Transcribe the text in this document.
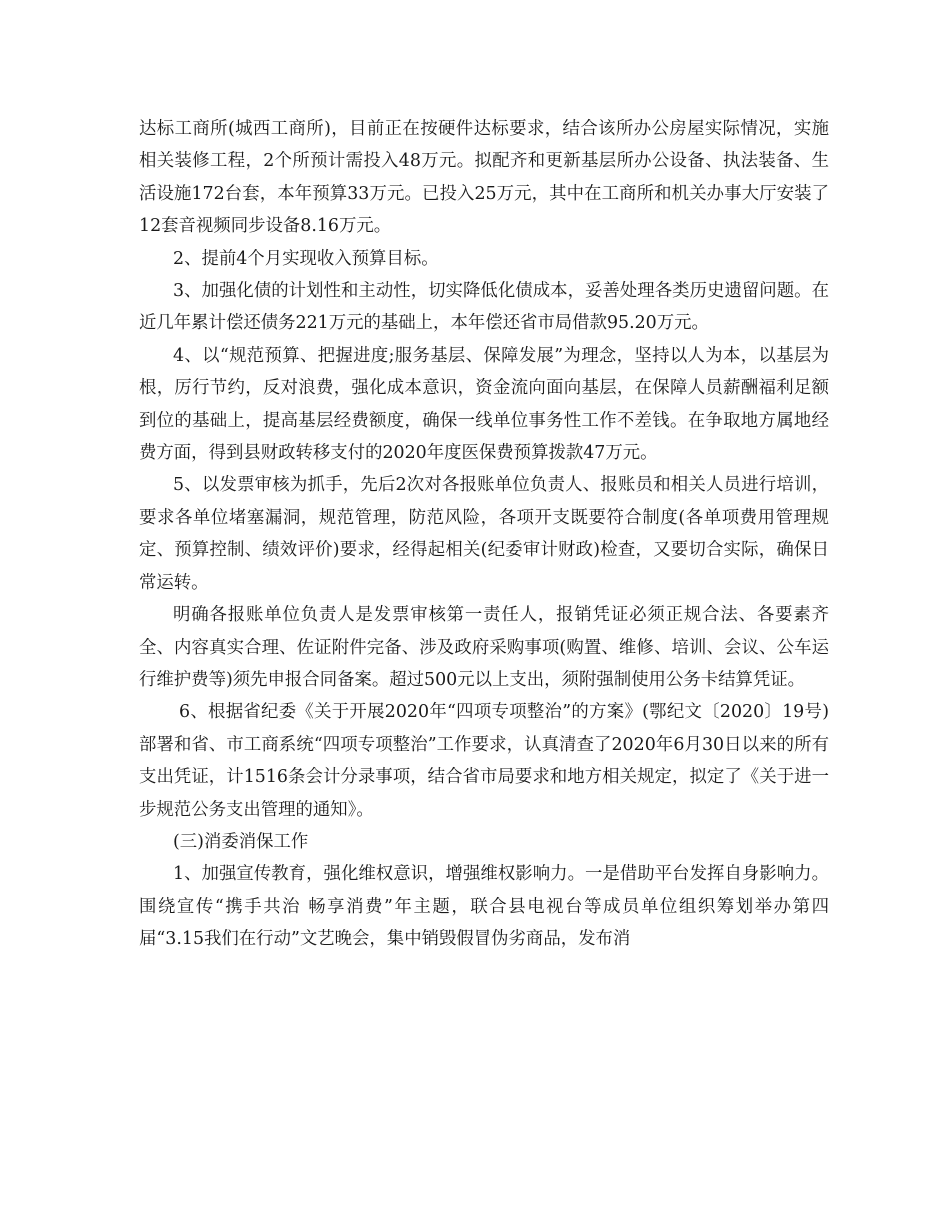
达标工商所(城西工商所)，目前正在按硬件达标要求，结合该所办公房屋实际情况，实施相关装修工程，2个所预计需投入48万元。拟配齐和更新基层所办公设备、执法装备、生活设施172台套，本年预算33万元。已投入25万元，其中在工商所和机关办事大厅安装了12套音视频同步设备8.16万元。

2、提前4个月实现收入预算目标。

3、加强化债的计划性和主动性，切实降低化债成本，妥善处理各类历史遗留问题。在近几年累计偿还债务221万元的基础上，本年偿还省市局借款95.20万元。

4、以“规范预算、把握进度;服务基层、保障发展”为理念，坚持以人为本，以基层为根，厉行节约，反对浪费，强化成本意识，资金流向面向基层，在保障人员薪酬福利足额到位的基础上，提高基层经费额度，确保一线单位事务性工作不差钱。在争取地方属地经费方面，得到县财政转移支付的2020年度医保费预算拨款47万元。

5、以发票审核为抓手，先后2次对各报账单位负责人、报账员和相关人员进行培训，要求各单位堵塞漏洞，规范管理，防范风险，各项开支既要符合制度(各单项费用管理规定、预算控制、绩效评价)要求，经得起相关(纪委审计财政)检查，又要切合实际，确保日常运转。

明确各报账单位负责人是发票审核第一责任人，报销凭证必须正规合法、各要素齐全、内容真实合理、佐证附件完备、涉及政府采购事项(购置、维修、培训、会议、公车运行维护费等)须先申报合同备案。超过500元以上支出，须附强制使用公务卡结算凭证。

6、根据省纪委《关于开展2020年“四项专项整治”的方案》(鄂纪文〔2020〕19号)部署和省、市工商系统“四项专项整治”工作要求，认真清查了2020年6月30日以来的所有支出凭证，计1516条会计分录事项，结合省市局要求和地方相关规定，拟定了《关于进一步规范公务支出管理的通知》。

(三)消委消保工作

1、加强宣传教育，强化维权意识，增强维权影响力。一是借助平台发挥自身影响力。围绕宣传“携手共治 畅享消费”年主题，联合县电视台等成员单位组织筹划举办第四届“3.15我们在行动”文艺晚会，集中销毁假冒伪劣商品，发布消
